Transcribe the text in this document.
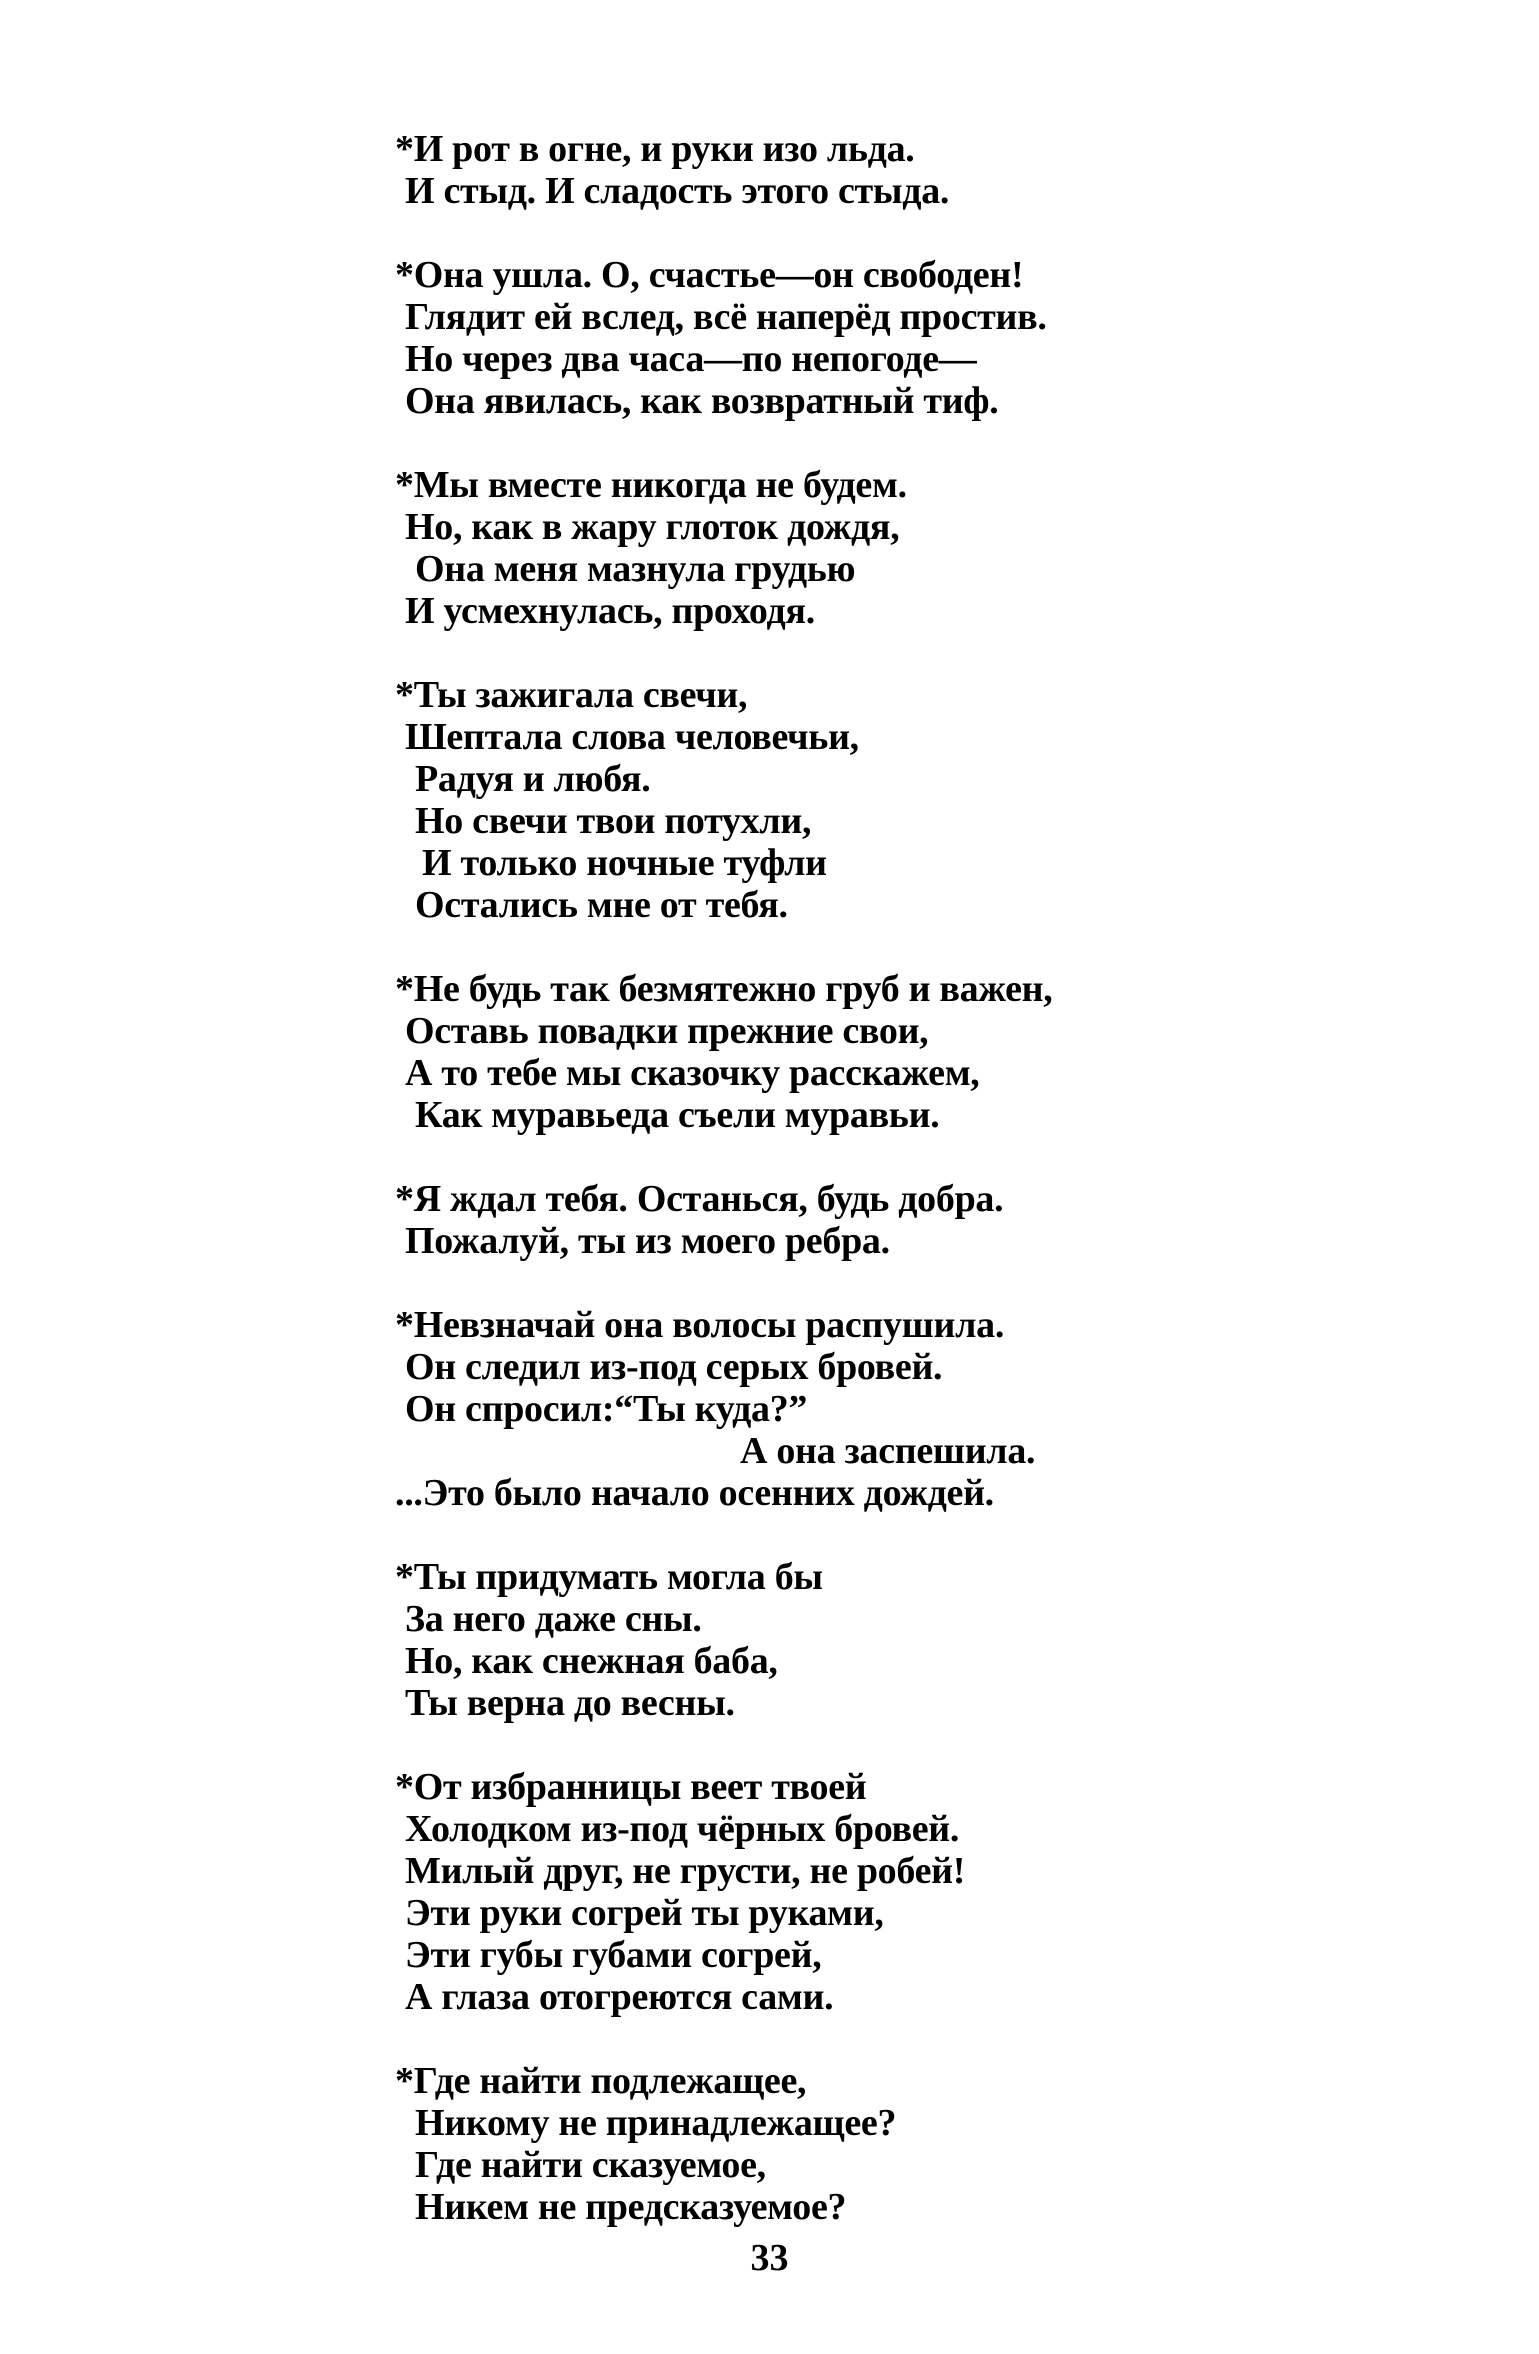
*И рот в огне, и руки изо льда.
И стыд. И сладость этого стыда.
*Она ушла. О, счастье—он свободен!
Глядит ей вслед, всё наперёд простив.
Но через два часа—по непогоде—
Она явилась, как возвратный тиф.
*Мы вместе никогда не будем.
Но, как в жару глоток дождя,
Она меня мазнула грудью
И усмехнулась, проходя.
*Ты зажигала свечи,
Шептала слова человечьи,
Радуя и любя.
Но свечи твои потухли,
И только ночные туфли
Остались мне от тебя.
*Не будь так безмятежно груб и важен,
Оставь повадки прежние свои,
А то тебе мы сказочку расскажем,
Как муравьеда съели муравьи.
*Я ждал тебя. Останься, будь добра.
Пожалуй, ты из моего ребра.
*Невзначай она волосы распушила.
Он следил из-под серых бровей.
Он спросил:“Ты куда?”
А она заспешила.
...Это было начало осенних дождей.
*Ты придумать могла бы
За него даже сны.
Но, как снежная баба,
Ты верна до весны.
*От избранницы веет твоей
Холодком из-под чёрных бровей.
Милый друг, не грусти, не робей!
Эти руки согрей ты руками,
Эти губы губами согрей,
А глаза отогреются сами.
*Где найти подлежащее,
Никому не принадлежащее?
Где найти сказуемое,
Никем не предсказуемое?
33
